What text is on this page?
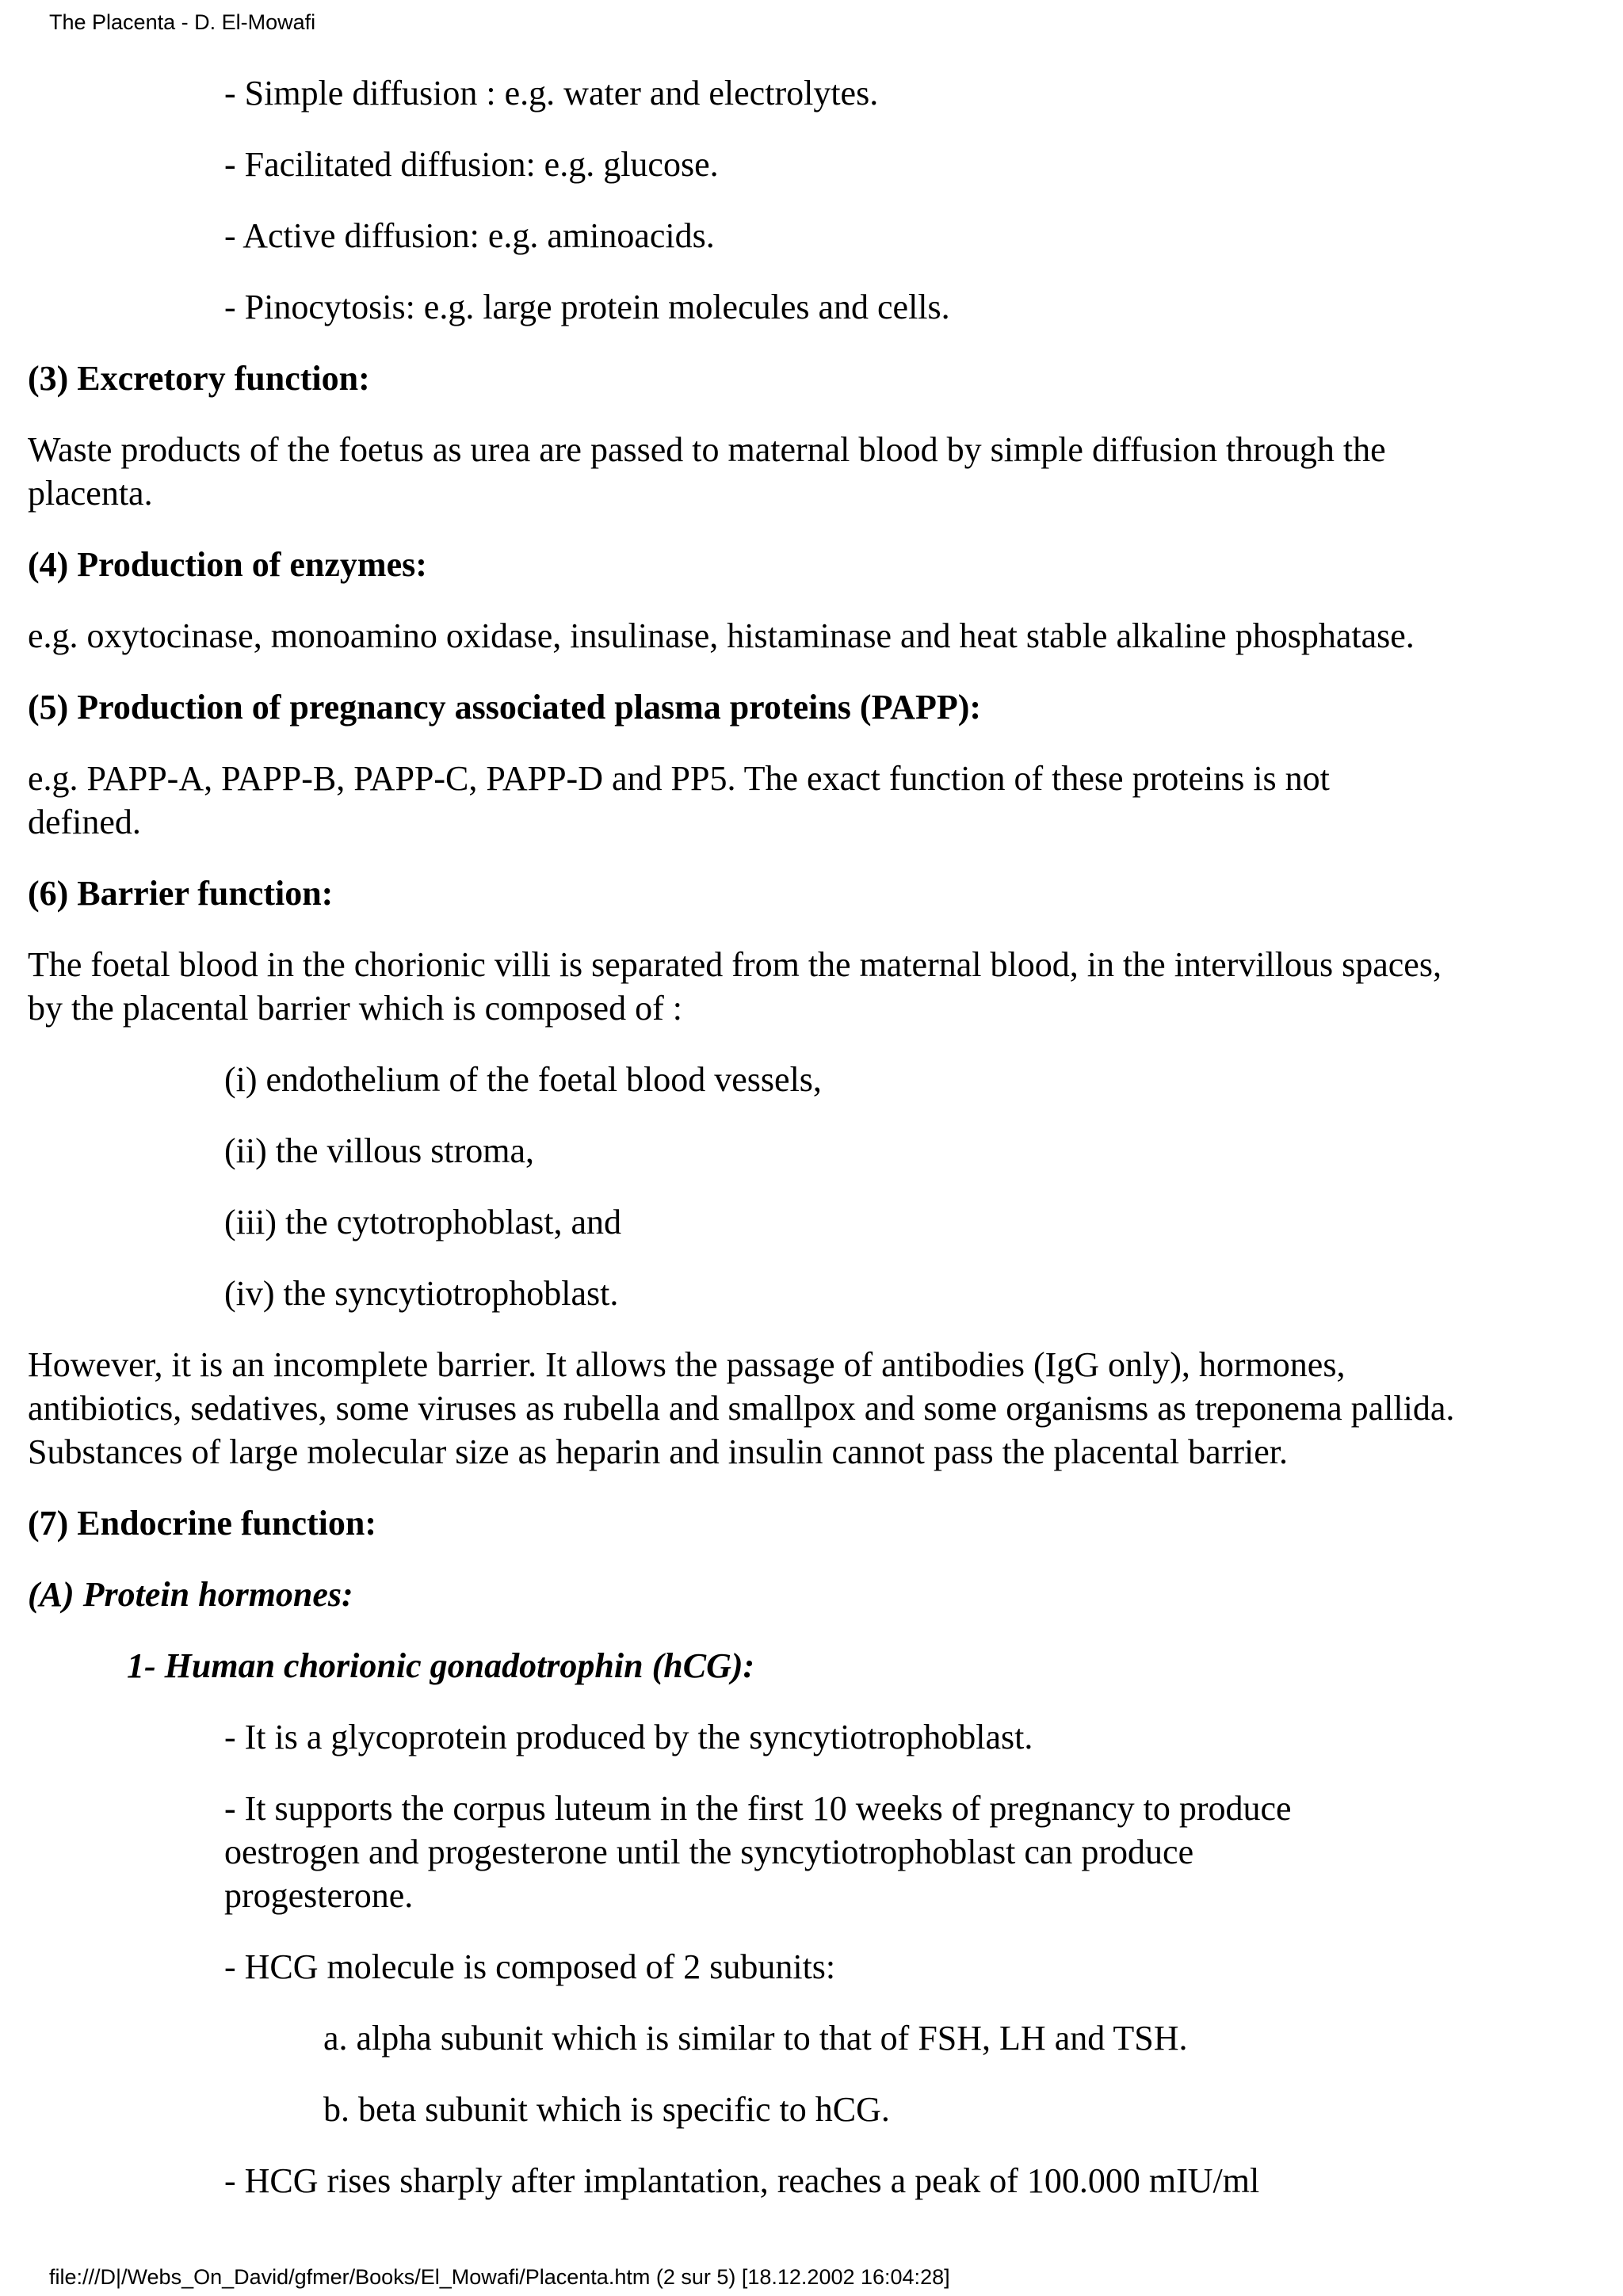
The Placenta - D. El-Mowafi
- Simple diffusion : e.g. water and electrolytes.
- Facilitated diffusion: e.g. glucose.
- Active diffusion: e.g. aminoacids.
- Pinocytosis: e.g. large protein molecules and cells.
(3) Excretory function:
Waste products of the foetus as urea are passed to maternal blood by simple diffusion through the
placenta.
(4) Production of enzymes:
e.g. oxytocinase, monoamino oxidase, insulinase, histaminase and heat stable alkaline phosphatase.
(5) Production of pregnancy associated plasma proteins (PAPP):
e.g. PAPP-A, PAPP-B, PAPP-C, PAPP-D and PP5. The exact function of these proteins is not
defined.
(6) Barrier function:
The foetal blood in the chorionic villi is separated from the maternal blood, in the intervillous spaces,
by the placental barrier which is composed of :
(i) endothelium of the foetal blood vessels,
(ii) the villous stroma,
(iii) the cytotrophoblast, and
(iv) the syncytiotrophoblast.
However, it is an incomplete barrier. It allows the passage of antibodies (IgG only), hormones,
antibiotics, sedatives, some viruses as rubella and smallpox and some organisms as treponema pallida.
Substances of large molecular size as heparin and insulin cannot pass the placental barrier.
(7) Endocrine function:
(A) Protein hormones:
1- Human chorionic gonadotrophin (hCG):
- It is a glycoprotein produced by the syncytiotrophoblast.
- It supports the corpus luteum in the first 10 weeks of pregnancy to produce
oestrogen and progesterone until the syncytiotrophoblast can produce
progesterone.
- HCG molecule is composed of 2 subunits:
a. alpha subunit which is similar to that of FSH, LH and TSH.
b. beta subunit which is specific to hCG.
- HCG rises sharply after implantation, reaches a peak of 100.000 mIU/ml
file:///D|/Webs_On_David/gfmer/Books/El_Mowafi/Placenta.htm (2 sur 5) [18.12.2002 16:04:28]
